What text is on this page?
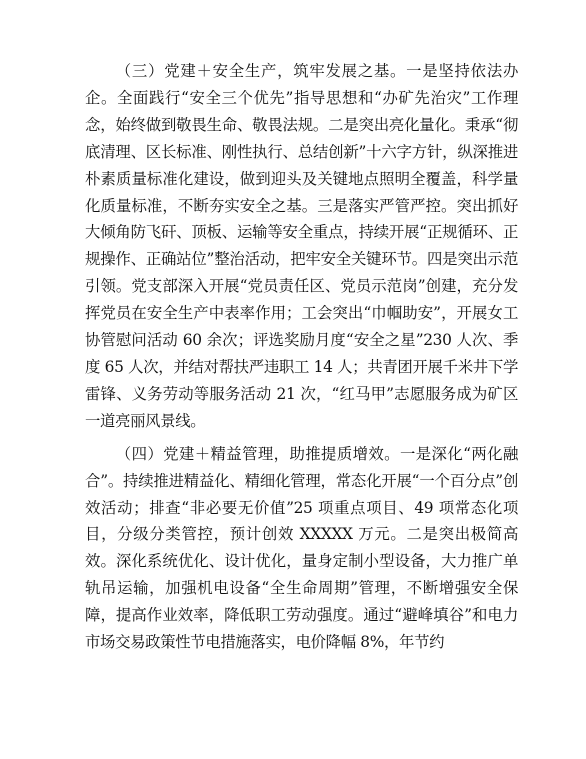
（三）党建＋安全生产，筑牢发展之基。一是坚持依法办企。全面践行“安全三个优先”指导思想和“办矿先治灾”工作理念，始终做到敬畏生命、敬畏法规。二是突出亮化量化。秉承“彻底清理、区长标准、刚性执行、总结创新”十六字方针，纵深推进朴素质量标准化建设，做到迎头及关键地点照明全覆盖，科学量化质量标准，不断夯实安全之基。三是落实严管严控。突出抓好大倾角防飞矸、顶板、运输等安全重点，持续开展“正规循环、正规操作、正确站位”整治活动，把牢安全关键环节。四是突出示范引领。党支部深入开展“党员责任区、党员示范岗”创建，充分发挥党员在安全生产中表率作用；工会突出“巾帼助安”，开展女工协管慰问活动 60 余次；评选奖励月度“安全之星”230 人次、季度 65 人次，并结对帮扶严违职工 14 人；共青团开展千米井下学雷锋、义务劳动等服务活动 21 次，“红马甲”志愿服务成为矿区一道亮丽风景线。

（四）党建＋精益管理，助推提质增效。一是深化“两化融合”。持续推进精益化、精细化管理，常态化开展“一个百分点”创效活动；排查“非必要无价值”25 项重点项目、49 项常态化项目，分级分类管控，预计创效 XXXXX 万元。二是突出极简高效。深化系统优化、设计优化，量身定制小型设备，大力推广单轨吊运输，加强机电设备“全生命周期”管理，不断增强安全保障，提高作业效率，降低职工劳动强度。通过“避峰填谷”和电力市场交易政策性节电措施落实，电价降幅 8%，年节约
